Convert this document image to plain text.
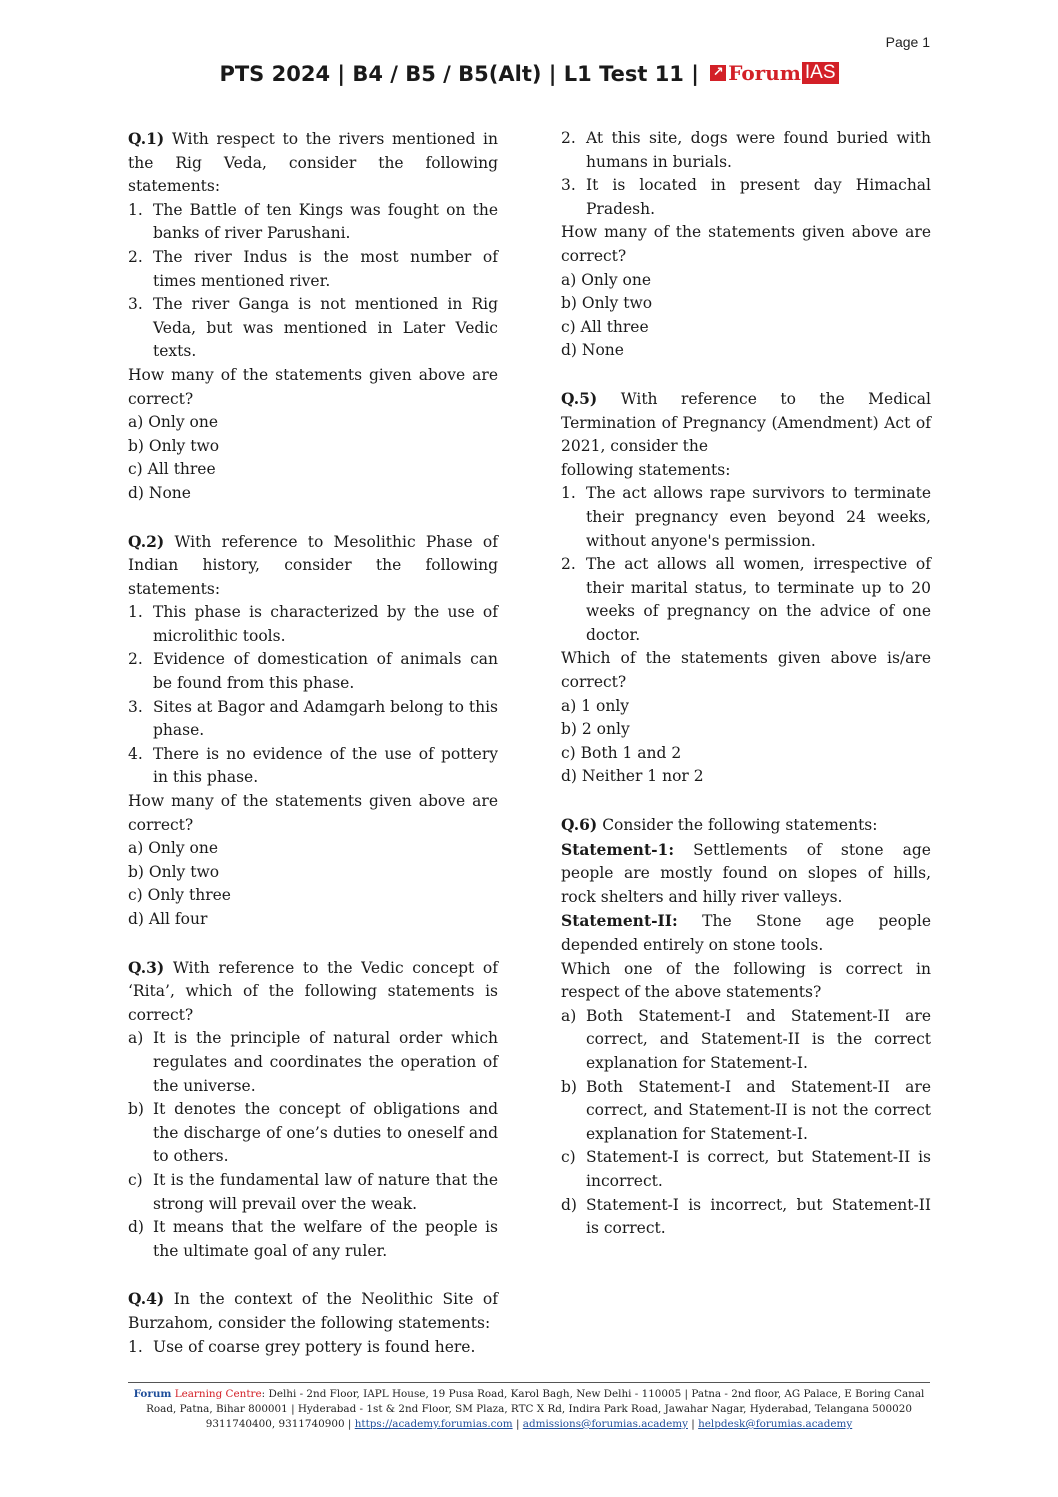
Page 1
PTS 2024 | B4 / B5 / B5(Alt) | L1 Test 11 | ↗ Forum IAS
Q.1) With respect to the rivers mentioned in the Rig Veda, consider the following statements:
1. The Battle of ten Kings was fought on the banks of river Parushani.
2. The river Indus is the most number of times mentioned river.
3. The river Ganga is not mentioned in Rig Veda, but was mentioned in Later Vedic texts.
How many of the statements given above are correct?
a) Only one
b) Only two
c) All three
d) None
Q.2) With reference to Mesolithic Phase of Indian history, consider the following statements:
1. This phase is characterized by the use of microlithic tools.
2. Evidence of domestication of animals can be found from this phase.
3. Sites at Bagor and Adamgarh belong to this phase.
4. There is no evidence of the use of pottery in this phase.
How many of the statements given above are correct?
a) Only one
b) Only two
c) Only three
d) All four
Q.3) With reference to the Vedic concept of ‘Rita’, which of the following statements is correct?
a) It is the principle of natural order which regulates and coordinates the operation of the universe.
b) It denotes the concept of obligations and the discharge of one’s duties to oneself and to others.
c) It is the fundamental law of nature that the strong will prevail over the weak.
d) It means that the welfare of the people is the ultimate goal of any ruler.
Q.4) In the context of the Neolithic Site of Burzahom, consider the following statements:
1. Use of coarse grey pottery is found here.
2. At this site, dogs were found buried with humans in burials.
3. It is located in present day Himachal Pradesh.
How many of the statements given above are correct?
a) Only one
b) Only two
c) All three
d) None
Q.5) With reference to the Medical Termination of Pregnancy (Amendment) Act of 2021, consider the
following statements:
1. The act allows rape survivors to terminate their pregnancy even beyond 24 weeks, without anyone's permission.
2. The act allows all women, irrespective of their marital status, to terminate up to 20 weeks of pregnancy on the advice of one doctor.
Which of the statements given above is/are correct?
a) 1 only
b) 2 only
c) Both 1 and 2
d) Neither 1 nor 2
Q.6) Consider the following statements:
Statement-1: Settlements of stone age people are mostly found on slopes of hills, rock shelters and hilly river valleys.
Statement-II: The Stone age people depended entirely on stone tools.
Which one of the following is correct in respect of the above statements?
a) Both Statement-I and Statement-II are correct, and Statement-II is the correct explanation for Statement-I.
b) Both Statement-I and Statement-II are correct, and Statement-II is not the correct explanation for Statement-I.
c) Statement-I is correct, but Statement-II is incorrect.
d) Statement-I is incorrect, but Statement-II is correct.
Forum Learning Centre: Delhi - 2nd Floor, IAPL House, 19 Pusa Road, Karol Bagh, New Delhi - 110005 | Patna - 2nd floor, AG Palace, E Boring Canal
Road, Patna, Bihar 800001 | Hyderabad - 1st & 2nd Floor, SM Plaza, RTC X Rd, Indira Park Road, Jawahar Nagar, Hyderabad, Telangana 500020
9311740400, 9311740900 | https://academy.forumias.com | admissions@forumias.academy | helpdesk@forumias.academy
